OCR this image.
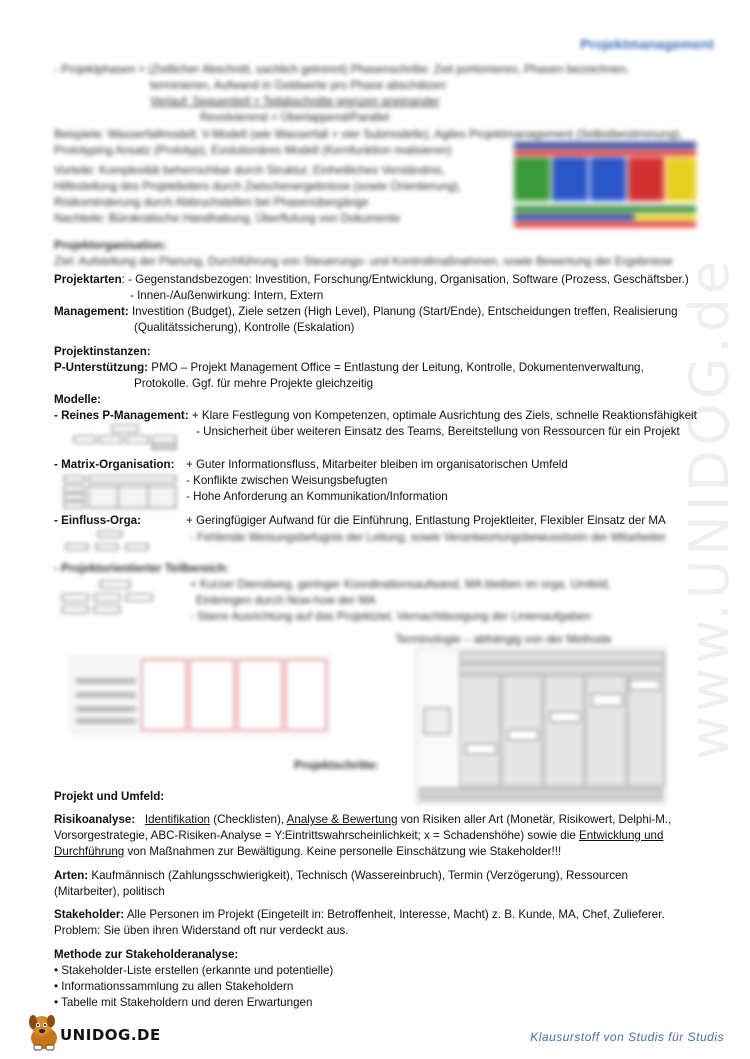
Projektmanagement
www.UNIDOG.de
- Projektphasen = (Zeitlicher Abschnitt, sachlich getrennt) Phasenschritte: Zeit portionieren, Phasen bezeichnen,
terminieren, Aufwand in Geldwerte pro Phase abschätzen
Verlauf: Sequentiell = Teilabschnitte grenzen aneinander
Revolvierend = Überlappend/Parallel
Beispiele: Wasserfallmodell, V-Modell (wie Wasserfall + vier Submodelle), Agiles Projektmanagement (Selbstbestimmung),
Prototyping Ansatz (Prototyp), Evolutionäres Modell (Kernfunktion realisieren)
Vorteile: Komplexität beherrschbar durch Struktur, Einheitliches Verständnis,
Hilfestellung des Projektleiters durch Zwischenergebnisse (sowie Orientierung),
Risikominderung durch Abbruchstellen bei Phasenübergänge
Nachteile: Bürokratische Handhabung, Überflutung von Dokumente
Projektorganisation:
Ziel: Aufstellung der Planung, Durchführung von Steuerungs- und Kontrollmaßnahmen, sowie Bewertung der Ergebnisse
Projektarten: - Gegenstandsbezogen: Investition, Forschung/Entwicklung, Organisation, Software (Prozess, Geschäftsber.)
- Innen-/Außenwirkung: Intern, Extern
Management: Investition (Budget), Ziele setzen (High Level), Planung (Start/Ende), Entscheidungen treffen, Realisierung
(Qualitätssicherung), Kontrolle (Eskalation)
Projektinstanzen:
P-Unterstützung: PMO – Projekt Management Office = Entlastung der Leitung, Kontrolle, Dokumentenverwaltung,
Protokolle. Ggf. für mehre Projekte gleichzeitig
Modelle:
- Reines P-Management: + Klare Festlegung von Kompetenzen, optimale Ausrichtung des Ziels, schnelle Reaktionsfähigkeit
- Unsicherheit über weiteren Einsatz des Teams, Bereitstellung von Ressourcen für ein Projekt
- Matrix-Organisation: + Guter Informationsfluss, Mitarbeiter bleiben im organisatorischen Umfeld
- Konflikte zwischen Weisungsbefugten
- Hohe Anforderung an Kommunikation/Information
- Einfluss-Orga:	+ Geringfügiger Aufwand für die Einführung, Entlastung Projektleiter, Flexibler Einsatz der MA
- Fehlende Weisungsbefugnis der Leitung, sowie Verantwortungsbewusstsein der Mitarbeiter
- Projektorientierter Teilbereich:
+ Kurzer Dienstweg, geringer Koordinationsaufwand, MA bleiben im orga. Umfeld,
Einbringen durch Now-how der MA
- Starre Ausrichtung auf das Projektziel, Vernachlässigung der Linienaufgaben
Terminologie – abhängig von der Methode
Projektschritte:
Projekt und Umfeld:
Risikoanalyse: Identifikation (Checklisten), Analyse & Bewertung von Risiken aller Art (Monetär, Risikowert, Delphi-M.,
Vorsorgestrategie, ABC-Risiken-Analyse = Y:Eintrittswahrscheinlichkeit; x = Schadenshöhe) sowie die Entwicklung und
Durchführung von Maßnahmen zur Bewältigung. Keine personelle Einschätzung wie Stakeholder!!!
Arten: Kaufmännisch (Zahlungsschwierigkeit), Technisch (Wassereinbruch), Termin (Verzögerung), Ressourcen
(Mitarbeiter), politisch
Stakeholder: Alle Personen im Projekt (Eingeteilt in: Betroffenheit, Interesse, Macht) z. B. Kunde, MA, Chef, Zulieferer.
Problem: Sie üben ihren Widerstand oft nur verdeckt aus.
Methode zur Stakeholderanalyse:
• Stakeholder-Liste erstellen (erkannte und potentielle)
• Informationssammlung zu allen Stakeholdern
• Tabelle mit Stakeholdern und deren Erwartungen
UNIDOG.DE	Klausurstoff von Studis für Studis
